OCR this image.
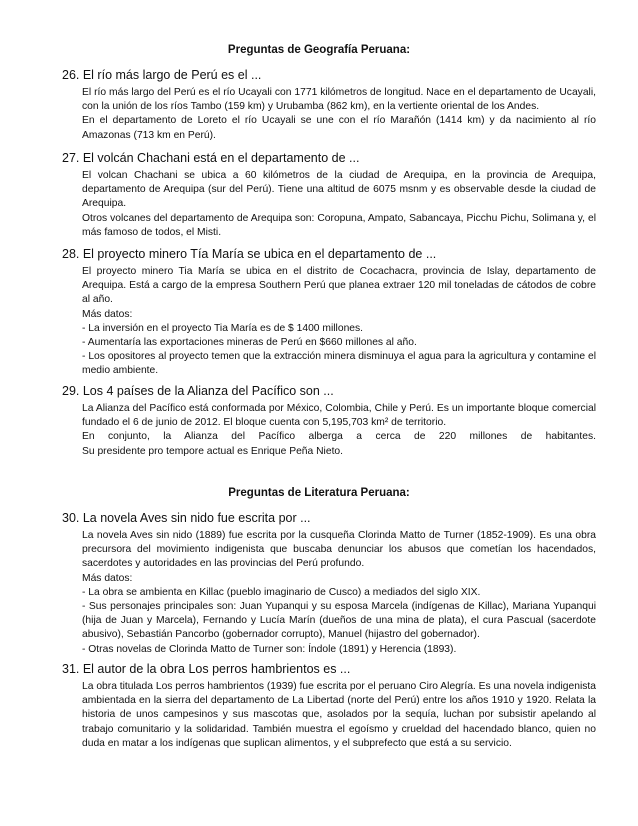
Preguntas de Geografía Peruana:

26. El río más largo de Perú es el ...

El río más largo del Perú es el río Ucayali con 1771 kilómetros de longitud. Nace en el departamento de Ucayali, con la unión de los ríos Tambo (159 km) y Urubamba (862 km), en la vertiente oriental de los Andes.

En el departamento de Loreto el río Ucayali se une con el río Marañón (1414 km) y da nacimiento al río Amazonas (713 km en Perú).

27. El volcán Chachani está en el departamento de ...

El volcan Chachani se ubica a 60 kilómetros de la ciudad de Arequipa, en la provincia de Arequipa, departamento de Arequipa (sur del Perú). Tiene una altitud de 6075 msnm y es observable desde la ciudad de Arequipa.

Otros volcanes del departamento de Arequipa son: Coropuna, Ampato, Sabancaya, Picchu Pichu, Solimana y, el más famoso de todos, el Misti.

28. El proyecto minero Tía María se ubica en el departamento de ...

El proyecto minero Tia María se ubica en el distrito de Cocachacra, provincia de Islay, departamento de Arequipa. Está a cargo de la empresa Southern Perú que planea extraer 120 mil toneladas de cátodos de cobre al año.

Más datos:

- La inversión en el proyecto Tia María es de $ 1400 millones.

- Aumentaría las exportaciones mineras de Perú en $660 millones al año.

- Los opositores al proyecto temen que la extracción minera disminuya el agua para la agricultura y contamine el medio ambiente.

29. Los 4 países de la Alianza del Pacífico son ...

La Alianza del Pacífico está conformada por México, Colombia, Chile y Perú. Es un importante bloque comercial fundado el 6 de junio de 2012. El bloque cuenta con 5,195,703 km² de territorio.

En conjunto, la Alianza del Pacífico alberga a cerca de 220 millones de habitantes.

Su presidente pro tempore actual es Enrique Peña Nieto.

Preguntas de Literatura Peruana:

30. La novela Aves sin nido fue escrita por ...

La novela Aves sin nido (1889) fue escrita por la cusqueña Clorinda Matto de Turner (1852-1909). Es una obra precursora del movimiento indigenista que buscaba denunciar los abusos que cometían los hacendados, sacerdotes y autoridades en las provincias del Perú profundo.

Más datos:

- La obra se ambienta en Killac (pueblo imaginario de Cusco) a mediados del siglo XIX.

- Sus personajes principales son: Juan Yupanqui y su esposa Marcela (indígenas de Killac), Mariana Yupanqui (hija de Juan y Marcela), Fernando y Lucía Marín (dueños de una mina de plata), el cura Pascual (sacerdote abusivo), Sebastián Pancorbo (gobernador corrupto), Manuel (hijastro del gobernador).

- Otras novelas de Clorinda Matto de Turner son: Índole (1891) y Herencia (1893).

31. El autor de la obra Los perros hambrientos es ...

La obra titulada Los perros hambrientos (1939) fue escrita por el peruano Ciro Alegría. Es una novela indigenista ambientada en la sierra del departamento de La Libertad (norte del Perú) entre los años 1910 y 1920. Relata la historia de unos campesinos y sus mascotas que, asolados por la sequía, luchan por subsistir apelando al trabajo comunitario y la solidaridad. También muestra el egoísmo y crueldad del hacendado blanco, quien no duda en matar a los indígenas que suplican alimentos, y el subprefecto que está a su servicio.
